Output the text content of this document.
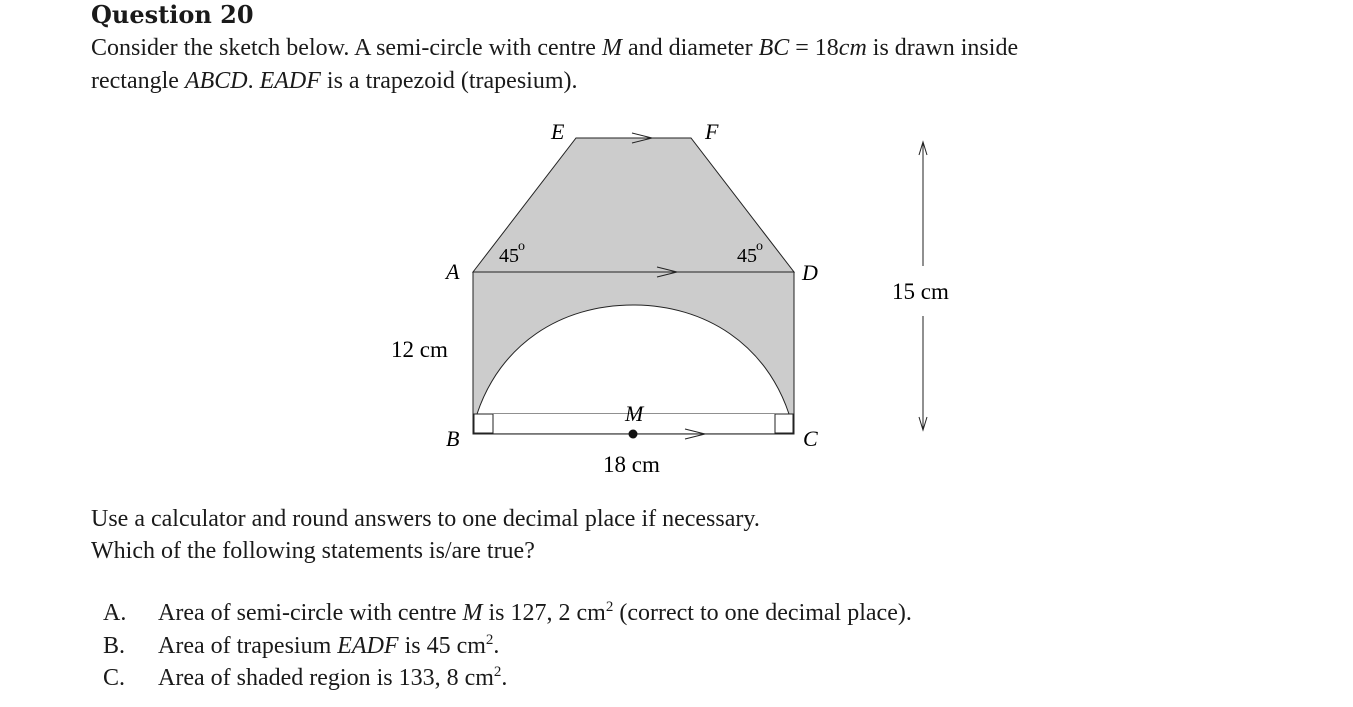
Question 20
Consider the sketch below. A semi-circle with centre M and diameter BC = 18cm is drawn inside
rectangle ABCD. EADF is a trapezoid (trapesium).
E	F
A	D
B	C
M
45 o	45 o
15 cm
12 cm
18 cm
Use a calculator and round answers to one decimal place if necessary.
Which of the following statements is/are true?
A. Area of semi-circle with centre M is 127, 2 $cm^2$ (correct to one decimal place).
B. Area of trapesium EADF is 45 $cm^2$.
C. Area of shaded region is 133, 8 $cm^2$.
